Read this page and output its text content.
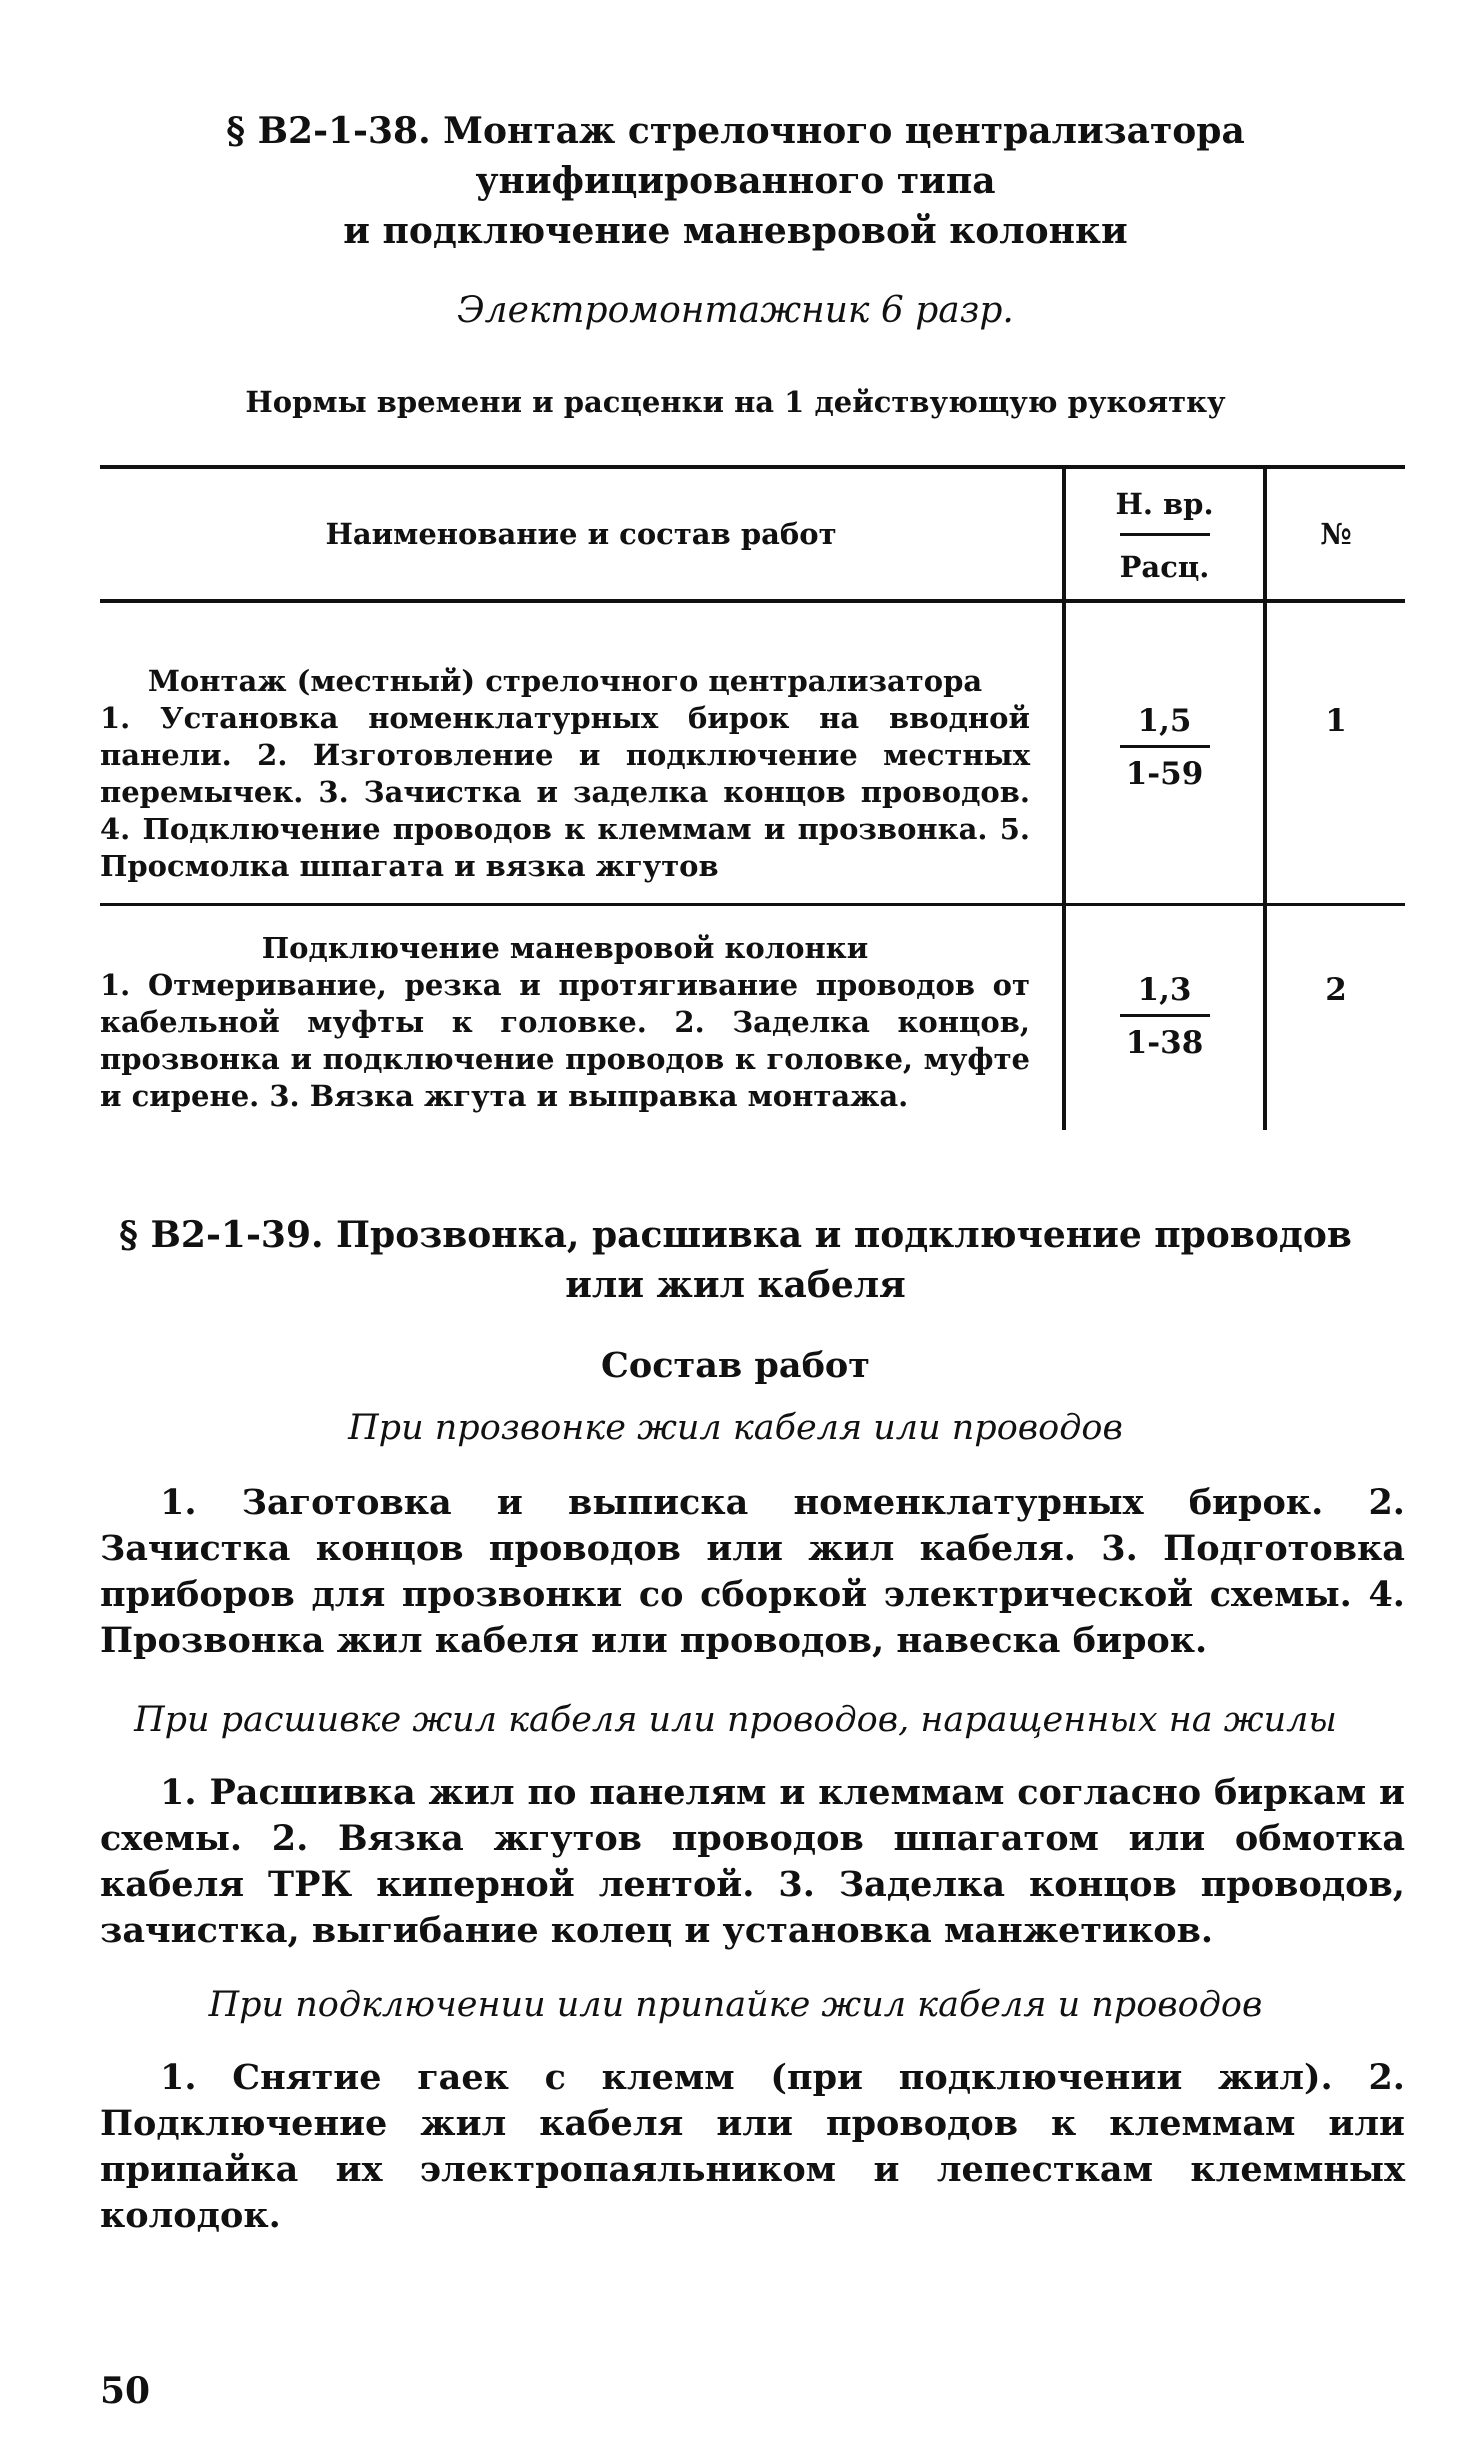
§ В2-1-38. Монтаж стрелочного централизатора
унифицированного типа
и подключение маневровой колонки
Электромонтажник 6 разр.
Нормы времени и расценки на 1 действующую рукоятку
Наименование и состав работ
Н. вр.
Расц.
№
Монтаж (местный) стрелочного централизатора
1. Установка номенклатурных бирок на вводной панели. 2. Изготовление и подключение местных перемычек. 3. Зачистка и заделка концов проводов. 4. Подключение проводов к клеммам и прозвонка. 5. Просмолка шпагата и вязка жгутов
1,5
1-59
1
Подключение маневровой колонки
1. Отмеривание, резка и протягивание проводов от кабельной муфты к головке. 2. Заделка концов, прозвонка и подключение проводов к головке, муфте и сирене. 3. Вязка жгута и выправка монтажа.
1,3
1-38
2
§ В2-1-39. Прозвонка, расшивка и подключение проводов
или жил кабеля
Состав работ
При прозвонке жил кабеля или проводов
1. Заготовка и выписка номенклатурных бирок. 2. Зачистка концов проводов или жил кабеля. 3. Подготовка приборов для прозвонки со сборкой электрической схемы. 4. Прозвонка жил кабеля или проводов, навеска бирок.
При расшивке жил кабеля или проводов, наращенных на жилы
1. Расшивка жил по панелям и клеммам согласно биркам и схемы. 2. Вязка жгутов проводов шпагатом или обмотка кабеля ТРК киперной лентой. 3. Заделка концов проводов, зачистка, выгибание колец и установка манжетиков.
При подключении или припайке жил кабеля и проводов
1. Снятие гаек с клемм (при подключении жил). 2. Подключение жил кабеля или проводов к клеммам или припайка их электропаяльником и лепесткам клеммных колодок.
50
